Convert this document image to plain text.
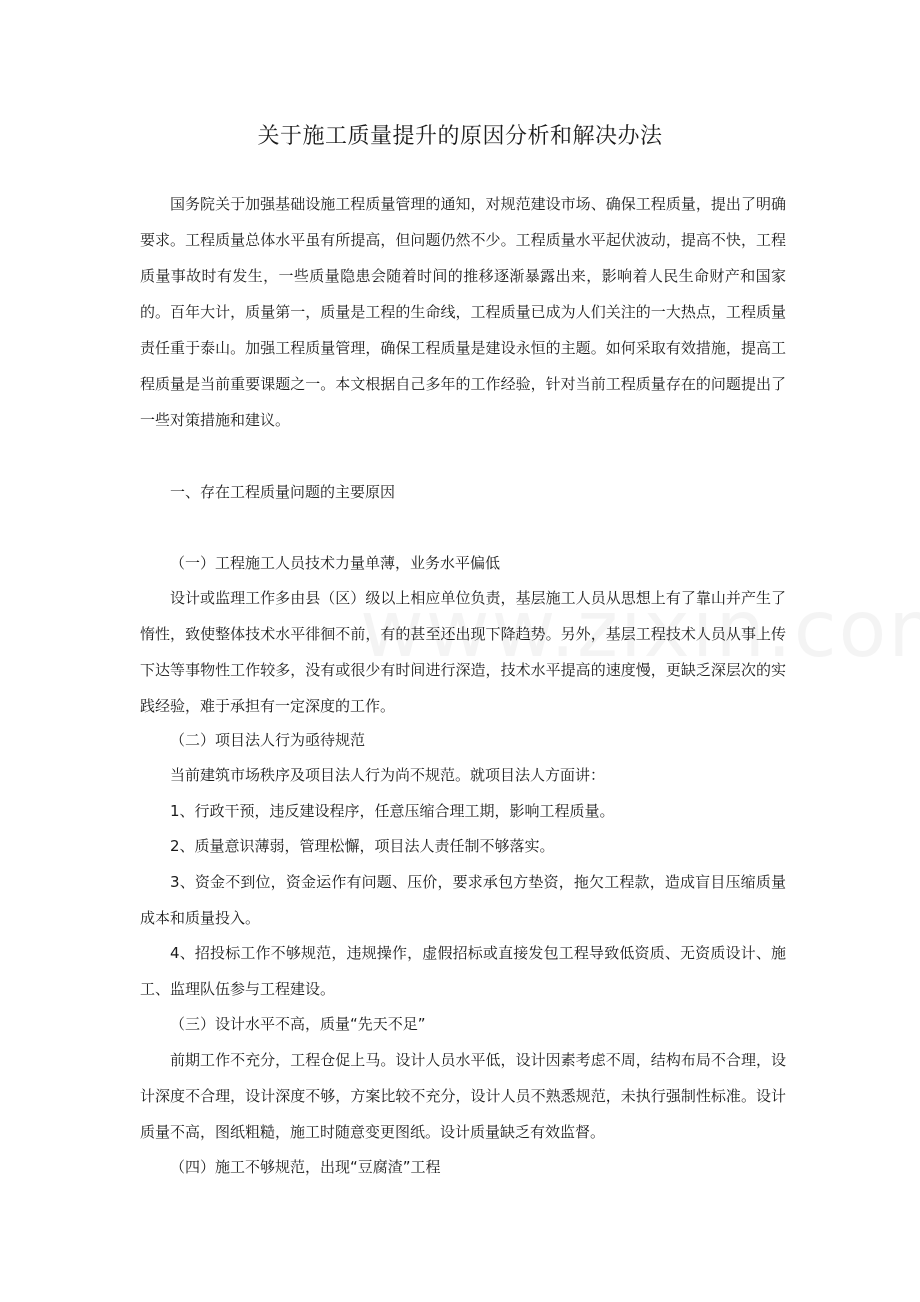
关于施工质量提升的原因分析和解决办法
国务院关于加强基础设施工程质量管理的通知，对规范建设市场、确保工程质量，提出了明确要求。工程质量总体水平虽有所提高，但问题仍然不少。工程质量水平起伏波动，提高不快，工程质量事故时有发生，一些质量隐患会随着时间的推移逐渐暴露出来，影响着人民生命财产和国家的。百年大计，质量第一，质量是工程的生命线，工程质量已成为人们关注的一大热点，工程质量责任重于泰山。加强工程质量管理，确保工程质量是建设永恒的主题。如何采取有效措施，提高工程质量是当前重要课题之一。本文根据自己多年的工作经验，针对当前工程质量存在的问题提出了一些对策措施和建议。
一、存在工程质量问题的主要原因
（一）工程施工人员技术力量单薄，业务水平偏低
设计或监理工作多由县（区）级以上相应单位负责，基层施工人员从思想上有了靠山并产生了惰性，致使整体技术水平徘徊不前，有的甚至还出现下降趋势。另外，基层工程技术人员从事上传下达等事物性工作较多，没有或很少有时间进行深造，技术水平提高的速度慢，更缺乏深层次的实践经验，难于承担有一定深度的工作。
（二）项目法人行为亟待规范
当前建筑市场秩序及项目法人行为尚不规范。就项目法人方面讲：
1、行政干预，违反建设程序，任意压缩合理工期，影响工程质量。
2、质量意识薄弱，管理松懈，项目法人责任制不够落实。
3、资金不到位，资金运作有问题、压价，要求承包方垫资，拖欠工程款，造成盲目压缩质量成本和质量投入。
4、招投标工作不够规范，违规操作，虚假招标或直接发包工程导致低资质、无资质设计、施工、监理队伍参与工程建设。
（三）设计水平不高，质量“先天不足”
前期工作不充分，工程仓促上马。设计人员水平低，设计因素考虑不周，结构布局不合理，设计深度不合理，设计深度不够，方案比较不充分，设计人员不熟悉规范，未执行强制性标准。设计质量不高，图纸粗糙，施工时随意变更图纸。设计质量缺乏有效监督。
（四）施工不够规范，出现“豆腐渣”工程
